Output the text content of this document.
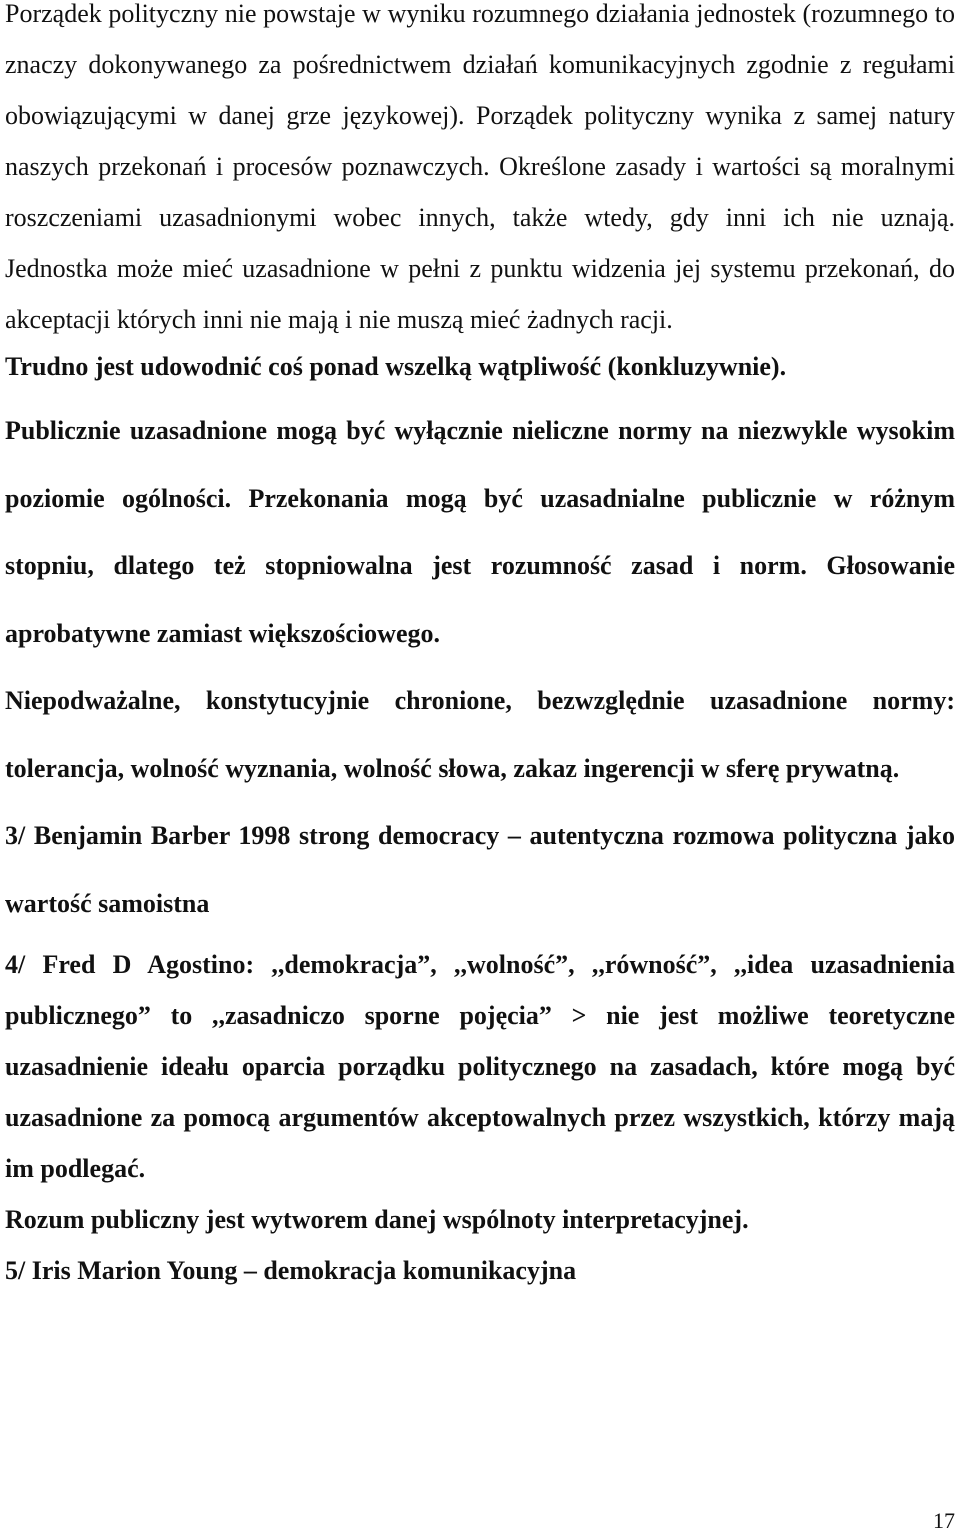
Porządek polityczny nie powstaje w wyniku rozumnego działania jednostek (rozumnego to znaczy dokonywanego za pośrednictwem działań komunikacyjnych zgodnie z regułami obowiązującymi w danej grze językowej). Porządek polityczny wynika z samej natury naszych przekonań i procesów poznawczych. Określone zasady i wartości są moralnymi roszczeniami uzasadnionymi wobec innych, także wtedy, gdy inni ich nie uznają. Jednostka może mieć uzasadnione w pełni z punktu widzenia jej systemu przekonań, do akceptacji których inni nie mają i nie muszą mieć żadnych racji.

Trudno jest udowodnić coś ponad wszelką wątpliwość (konkluzywnie).

Publicznie uzasadnione mogą być wyłącznie nieliczne normy na niezwykle wysokim poziomie ogólności. Przekonania mogą być uzasadnialne publicznie w różnym stopniu, dlatego też stopniowalna jest rozumność zasad i norm. Głosowanie aprobatywne zamiast większościowego.

Niepodważalne, konstytucyjnie chronione, bezwzględnie uzasadnione normy: tolerancja, wolność wyznania, wolność słowa, zakaz ingerencji w sferę prywatną.

3/ Benjamin Barber 1998 strong democracy – autentyczna rozmowa polityczna jako wartość samoistna

4/ Fred D Agostino: ,,demokracja”, ,,wolność”, ,,równość”, ,,idea uzasadnienia publicznego” to ,,zasadniczo sporne pojęcia” > nie jest możliwe teoretyczne uzasadnienie ideału oparcia porządku politycznego na zasadach, które mogą być uzasadnione za pomocą argumentów akceptowalnych przez wszystkich, którzy mają im podlegać.

Rozum publiczny jest wytworem danej wspólnoty interpretacyjnej.

5/ Iris Marion Young – demokracja komunikacyjna

17
